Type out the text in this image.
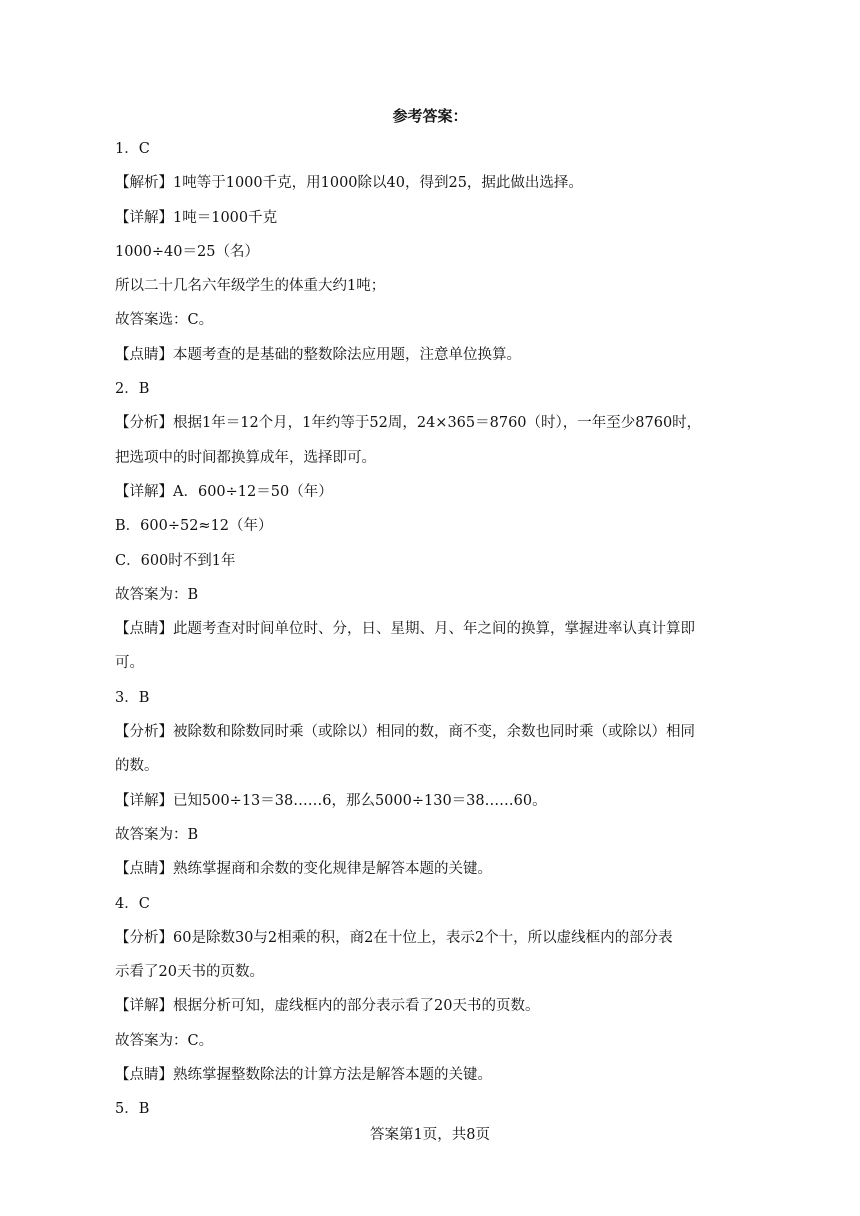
参考答案：
1．C
【解析】1吨等于1000千克，用1000除以40，得到25，据此做出选择。
【详解】1吨＝1000千克
1000÷40＝25（名）
所以二十几名六年级学生的体重大约1吨；
故答案选：C。
【点睛】本题考查的是基础的整数除法应用题，注意单位换算。
2．B
【分析】根据1年＝12个月，1年约等于52周，24×365＝8760（时），一年至少8760时，
把选项中的时间都换算成年，选择即可。
【详解】A．600÷12＝50（年）
B．600÷52≈12（年）
C．600时不到1年
故答案为：B
【点睛】此题考查对时间单位时、分，日、星期、月、年之间的换算，掌握进率认真计算即
可。
3．B
【分析】被除数和除数同时乘（或除以）相同的数，商不变，余数也同时乘（或除以）相同
的数。
【详解】已知500÷13＝38……6，那么5000÷130＝38……60。
故答案为：B
【点睛】熟练掌握商和余数的变化规律是解答本题的关键。
4．C
【分析】60是除数30与2相乘的积，商2在十位上，表示2个十，所以虚线框内的部分表
示看了20天书的页数。
【详解】根据分析可知，虚线框内的部分表示看了20天书的页数。
故答案为：C。
【点睛】熟练掌握整数除法的计算方法是解答本题的关键。
5．B
答案第1页，共8页
